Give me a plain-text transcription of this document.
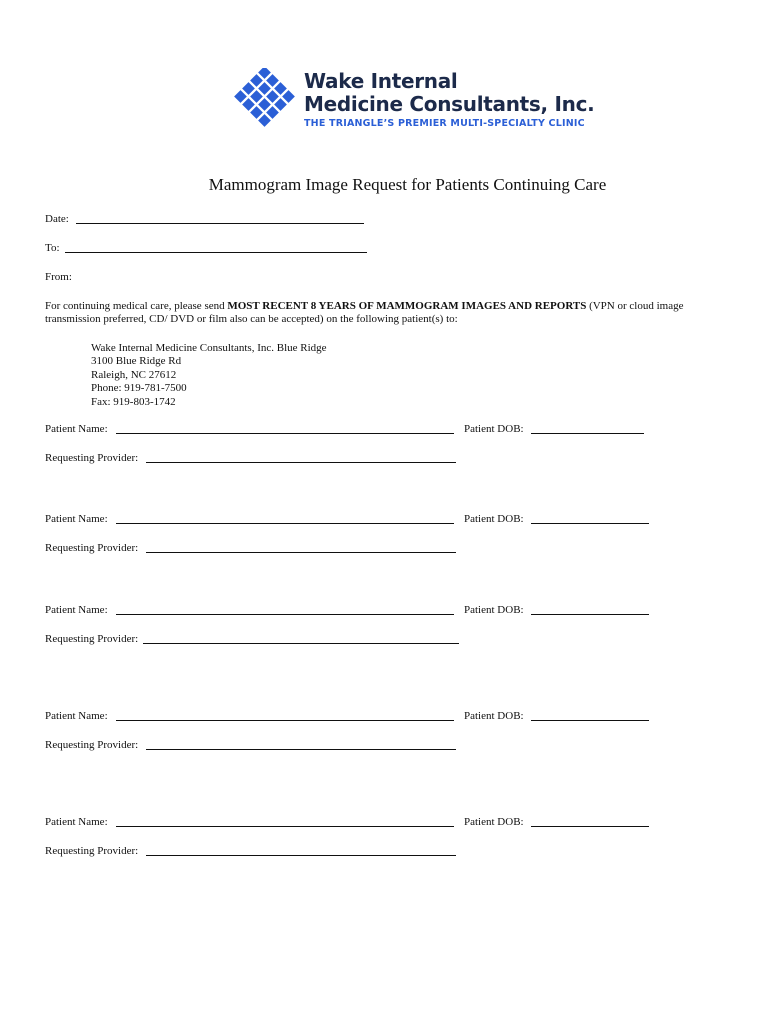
Wake Internal
Medicine Consultants, Inc.
THE TRIANGLE’S PREMIER MULTI-SPECIALTY CLINIC
Mammogram Image Request for Patients Continuing Care
Date:
To:
From:
For continuing medical care, please send MOST RECENT 8 YEARS OF MAMMOGRAM IMAGES AND REPORTS (VPN or cloud image transmission preferred, CD/ DVD or film also can be accepted) on the following patient(s) to:
Wake Internal Medicine Consultants, Inc. Blue Ridge
3100 Blue Ridge Rd
Raleigh, NC 27612
Phone: 919-781-7500
Fax: 919-803-1742
Patient Name:	Patient DOB:
Requesting Provider:
Patient Name:	Patient DOB:
Requesting Provider:
Patient Name:	Patient DOB:
Requesting Provider:
Patient Name:	Patient DOB:
Requesting Provider:
Patient Name:	Patient DOB:
Requesting Provider:
